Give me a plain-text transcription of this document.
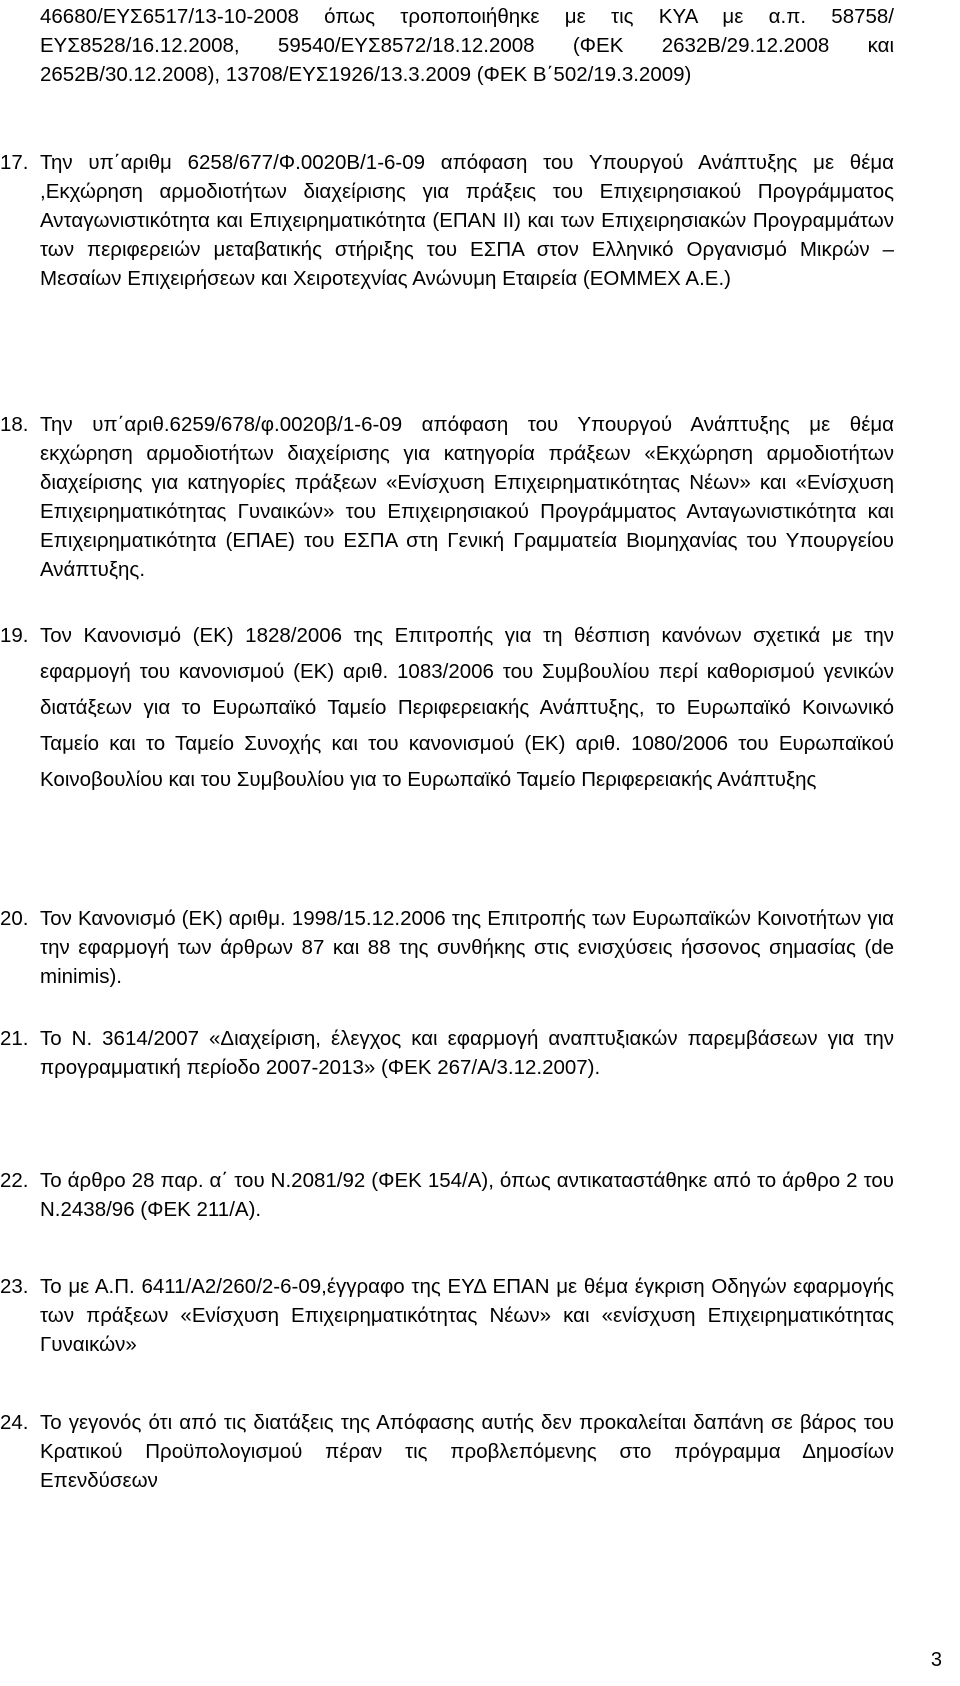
46680/ΕΥΣ6517/13-10-2008 όπως τροποποιήθηκε με τις ΚΥΑ με α.π. 58758/ΕΥΣ8528/16.12.2008, 59540/ΕΥΣ8572/18.12.2008 (ΦΕΚ 2632Β/29.12.2008 και 2652Β/30.12.2008), 13708/ΕΥΣ1926/13.3.2009 (ΦΕΚ Β΄502/19.3.2009)

17. Την υπ΄αριθμ 6258/677/Φ.0020Β/1-6-09 απόφαση του Υπουργού Ανάπτυξης με θέμα ,Εκχώρηση αρμοδιοτήτων διαχείρισης για πράξεις του Επιχειρησιακού Προγράμματος Ανταγωνιστικότητα και Επιχειρηματικότητα (ΕΠΑΝ ΙΙ) και των Επιχειρησιακών Προγραμμάτων των περιφερειών μεταβατικής στήριξης του ΕΣΠΑ στον Ελληνικό Οργανισμό Μικρών – Μεσαίων Επιχειρήσεων και Χειροτεχνίας Ανώνυμη Εταιρεία (ΕΟΜΜΕΧ Α.Ε.)
18. Την υπ΄αριθ.6259/678/φ.0020β/1-6-09 απόφαση του Υπουργού Ανάπτυξης με θέμα εκχώρηση αρμοδιοτήτων διαχείρισης για κατηγορία πράξεων «Εκχώρηση αρμοδιοτήτων διαχείρισης για κατηγορίες πράξεων «Ενίσχυση Επιχειρηματικότητας Νέων» και «Ενίσχυση Επιχειρηματικότητας Γυναικών» του Επιχειρησιακού Προγράμματος Ανταγωνιστικότητα και Επιχειρηματικότητα (ΕΠΑΕ) του ΕΣΠΑ στη Γενική Γραμματεία Βιομηχανίας του Υπουργείου Ανάπτυξης.
19. Τον Κανονισμό (ΕΚ) 1828/2006 της Επιτροπής για τη θέσπιση κανόνων σχετικά με την εφαρμογή του κανονισμού (ΕΚ) αριθ. 1083/2006 του Συμβουλίου περί καθορισμού γενικών διατάξεων για το Ευρωπαϊκό Ταμείο Περιφερειακής Ανάπτυξης, το Ευρωπαϊκό Κοινωνικό Ταμείο και το Ταμείο Συνοχής και του κανονισμού (ΕΚ) αριθ. 1080/2006 του Ευρωπαϊκού Κοινοβουλίου και του Συμβουλίου για το Ευρωπαϊκό Ταμείο Περιφερειακής Ανάπτυξης
20. Τον Κανονισμό (ΕΚ) αριθμ. 1998/15.12.2006 της Επιτροπής των Ευρωπαϊκών Κοινοτήτων για την εφαρμογή των άρθρων 87 και 88 της συνθήκης στις ενισχύσεις ήσσονος σημασίας (de minimis).
21. Το Ν. 3614/2007 «Διαχείριση, έλεγχος και εφαρμογή αναπτυξιακών παρεμβάσεων για την προγραμματική περίοδο 2007-2013» (ΦΕΚ 267/Α/3.12.2007).
22. Το άρθρο 28 παρ. α΄ του Ν.2081/92 (ΦΕΚ 154/Α), όπως αντικαταστάθηκε από το άρθρο 2 του Ν.2438/96 (ΦΕΚ 211/Α).
23. Το με Α.Π. 6411/Α2/260/2-6-09,έγγραφο της ΕΥΔ ΕΠΑΝ με θέμα έγκριση Οδηγών εφαρμογής των πράξεων «Ενίσχυση Επιχειρηματικότητας Νέων» και «ενίσχυση Επιχειρηματικότητας Γυναικών»
24. Το γεγονός ότι από τις διατάξεις της Απόφασης αυτής δεν προκαλείται δαπάνη σε βάρος του Κρατικού Προϋπολογισμού πέραν τις προβλεπόμενης στο πρόγραμμα Δημοσίων Επενδύσεων
3
